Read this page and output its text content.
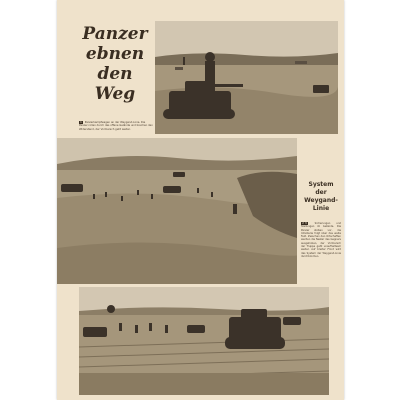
Panzer
ebnen
den Weg
1 Panzerkampfwagen an der Weygand-Linie. Die Panzer rollen durch das offene Gelände und brechen den Widerstand, der Vormarsch geht weiter.
System
der
Weygand-
Linie
2 3	Sicherungen und Stellungen im Gelände. Die Panzer stoßen vor, die Infanterie folgt über das weite Feld. Zwischen den Ortschaften werden die Nester des Gegners ausgehoben, der Vormarsch der Truppe geht unaufhaltsam weiter. Auf breiter Front wird das System der Weygand-Linie durchbrochen.
